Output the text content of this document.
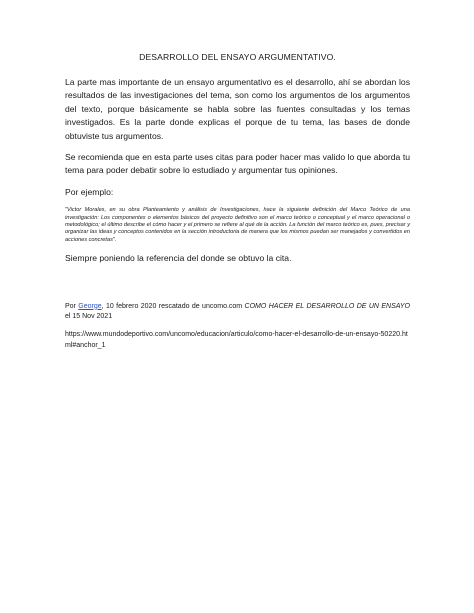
DESARROLLO DEL ENSAYO ARGUMENTATIVO.

La parte mas importante de un ensayo argumentativo es el desarrollo, ahí se abordan los resultados de las investigaciones del tema, son como los argumentos de los argumentos del texto, porque básicamente se habla sobre las fuentes consultadas y los temas investigados. Es la parte donde explicas el porque de tu tema, las bases de donde obtuviste tus argumentos.

Se recomienda que en esta parte uses citas para poder hacer mas valido lo que aborda tu tema para poder debatir sobre lo estudiado y argumentar tus opiniones.

Por ejemplo:

"Victor Morales, en su obra Planteamiento y análisis de Investigaciones, hace la siguiente definición del Marco Teórico de una investigación: Los componentes o elementos básicos del proyecto definitivo son el marco teórico o conceptual y el marco operacional o metodológico; el último describe el cómo hacer y el primero se refiere al qué de la acción. La función del marco teórico es, pues, precisar y organizar las ideas y conceptos contenidos en la sección introductoria de manera que los mismos puedan ser manejados y convertidos en acciones concretas".

Siempre poniendo la referencia del donde se obtuvo la cita.

Por George, 10 febrero 2020 rescatado de uncomo.com COMO HACER EL DESARROLLO DE UN ENSAYO el 15 Nov 2021

https://www.mundodeportivo.com/uncomo/educacion/articulo/como-hacer-el-desarrollo-de-un-ensayo-50220.html#anchor_1
